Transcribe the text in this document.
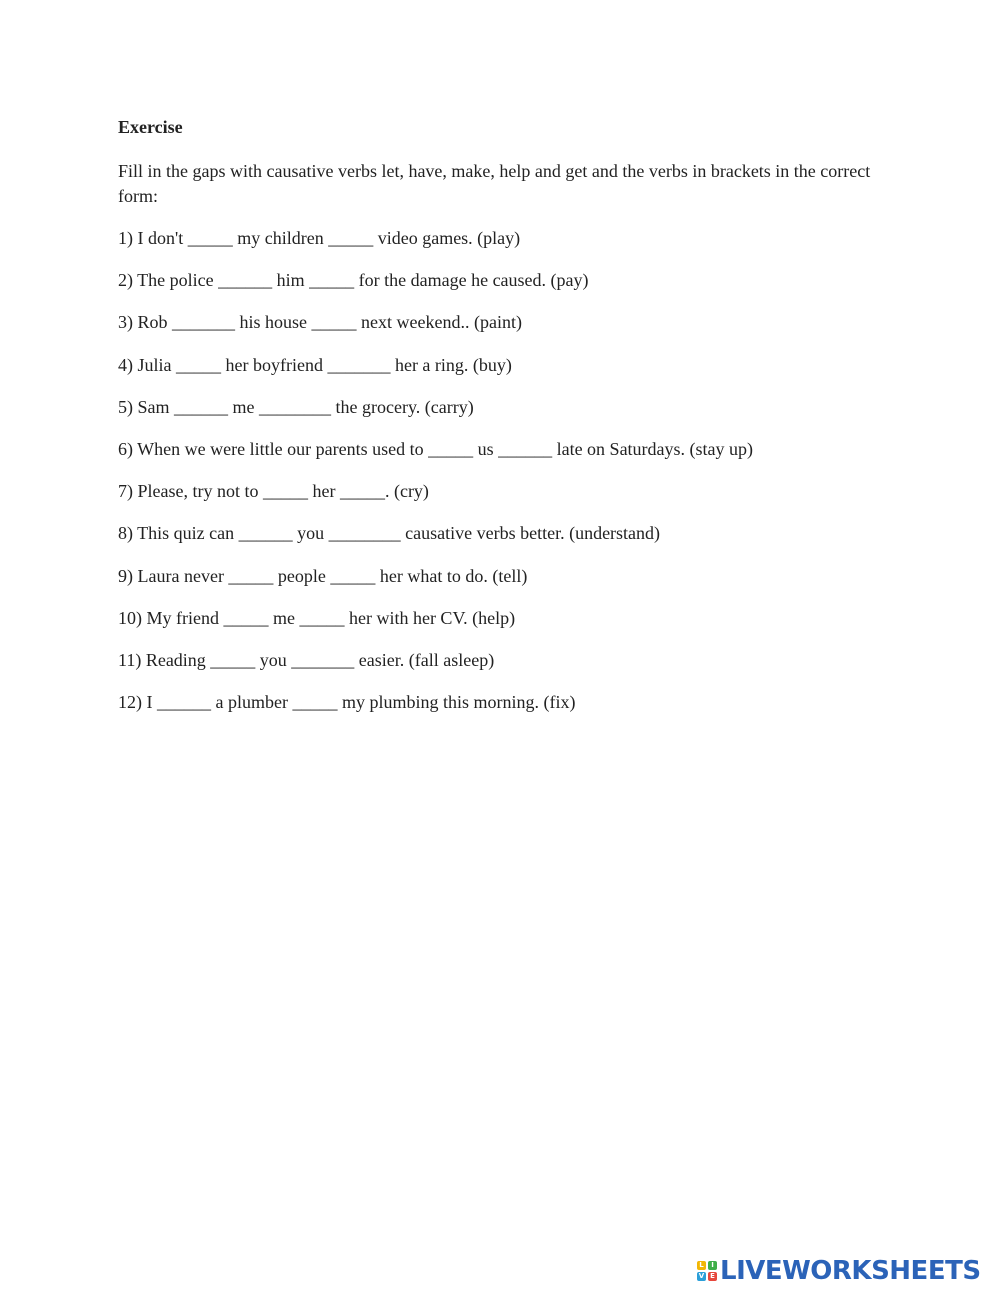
Exercise
Fill in the gaps with causative verbs let, have, make, help and get and the verbs in brackets in the correct form:
1) I don't _____ my children _____ video games. (play)
2) The police ______ him _____ for the damage he caused. (pay)
3) Rob _______ his house _____ next weekend.. (paint)
4) Julia _____ her boyfriend _______ her a ring. (buy)
5) Sam ______ me ________ the grocery. (carry)
6) When we were little our parents used to _____ us ______ late on Saturdays. (stay up)
7) Please, try not to _____ her _____. (cry)
8) This quiz can ______ you ________ causative verbs better. (understand)
9) Laura never _____ people _____ her what to do. (tell)
10) My friend _____ me _____ her with her CV. (help)
11) Reading _____ you _______ easier. (fall asleep)
12) I ______ a plumber _____ my plumbing this morning. (fix)
L	I
V E LIVEWORKSHEETS
